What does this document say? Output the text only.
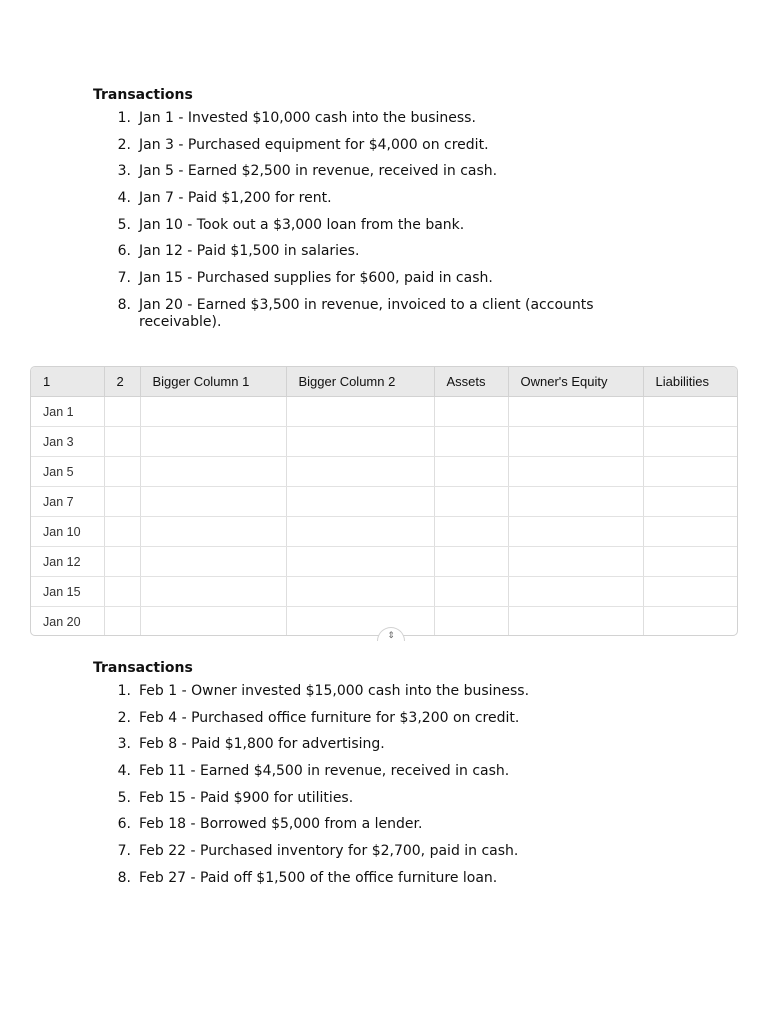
Transactions
1. Jan 1 - Invested $10,000 cash into the business.
2. Jan 3 - Purchased equipment for $4,000 on credit.
3. Jan 5 - Earned $2,500 in revenue, received in cash.
4. Jan 7 - Paid $1,200 for rent.
5. Jan 10 - Took out a $3,000 loan from the bank.
6. Jan 12 - Paid $1,500 in salaries.
7. Jan 15 - Purchased supplies for $600, paid in cash.
8. Jan 20 - Earned $3,500 in revenue, invoiced to a client (accounts receivable).
1	2	Bigger Column 1	Bigger Column 2	Assets	Owner's Equity	Liabilities
Jan 1						
Jan 3						
Jan 5						
Jan 7						
Jan 10						
Jan 12						
Jan 15						
Jan 20						
⇕
Transactions
1. Feb 1 - Owner invested $15,000 cash into the business.
2. Feb 4 - Purchased office furniture for $3,200 on credit.
3. Feb 8 - Paid $1,800 for advertising.
4. Feb 11 - Earned $4,500 in revenue, received in cash.
5. Feb 15 - Paid $900 for utilities.
6. Feb 18 - Borrowed $5,000 from a lender.
7. Feb 22 - Purchased inventory for $2,700, paid in cash.
8. Feb 27 - Paid off $1,500 of the office furniture loan.
